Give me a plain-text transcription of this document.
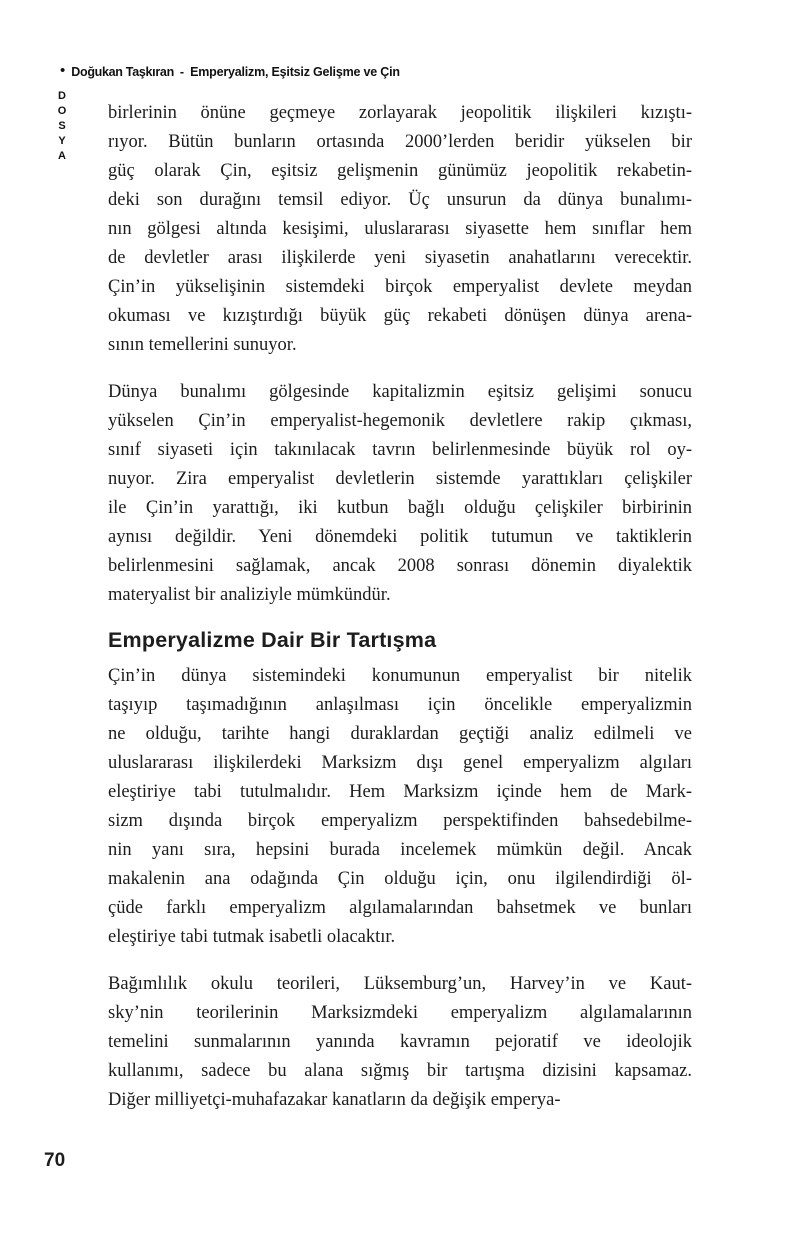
• Doğukan Taşkıran - Emperyalizm, Eşitsiz Gelişme ve Çin
DOSYA birlerinin önüne geçmeye zorlayarak jeopolitik ilişkileri kızıştı-
rıyor. Bütün bunların ortasında 2000’lerden beridir yükselen bir
güç olarak Çin, eşitsiz gelişmenin günümüz jeopolitik rekabetin-
deki son durağını temsil ediyor. Üç unsurun da dünya bunalımı-
nın gölgesi altında kesişimi, uluslararası siyasette hem sınıflar hem
de devletler arası ilişkilerde yeni siyasetin anahatlarını verecektir.
Çin’in yükselişinin sistemdeki birçok emperyalist devlete meydan
okuması ve kızıştırdığı büyük güç rekabeti dönüşen dünya arena-
sının temellerini sunuyor.

Dünya bunalımı gölgesinde kapitalizmin eşitsiz gelişimi sonucu
yükselen Çin’in emperyalist-hegemonik devletlere rakip çıkması,
sınıf siyaseti için takınılacak tavrın belirlenmesinde büyük rol oy-
nuyor. Zira emperyalist devletlerin sistemde yarattıkları çelişkiler
ile Çin’in yarattığı, iki kutbun bağlı olduğu çelişkiler birbirinin
aynısı değildir. Yeni dönemdeki politik tutumun ve taktiklerin
belirlenmesini sağlamak, ancak 2008 sonrası dönemin diyalektik
materyalist bir analiziyle mümkündür.

Emperyalizme Dair Bir Tartışma

Çin’in dünya sistemindeki konumunun emperyalist bir nitelik
taşıyıp taşımadığının anlaşılması için öncelikle emperyalizmin
ne olduğu, tarihte hangi duraklardan geçtiği analiz edilmeli ve
uluslararası ilişkilerdeki Marksizm dışı genel emperyalizm algıları
eleştiriye tabi tutulmalıdır. Hem Marksizm içinde hem de Mark-
sizm dışında birçok emperyalizm perspektifinden bahsedebilme-
nin yanı sıra, hepsini burada incelemek mümkün değil. Ancak
makalenin ana odağında Çin olduğu için, onu ilgilendirdiği öl-
çüde farklı emperyalizm algılamalarından bahsetmek ve bunları
eleştiriye tabi tutmak isabetli olacaktır.

Bağımlılık okulu teorileri, Lüksemburg’un, Harvey’in ve Kaut-
sky’nin teorilerinin Marksizmdeki emperyalizm algılamalarının
temelini sunmalarının yanında kavramın pejoratif ve ideolojik
kullanımı, sadece bu alana sığmış bir tartışma dizisini kapsamaz.
Diğer milliyetçi-muhafazakar kanatların da değişik emperya-

70
